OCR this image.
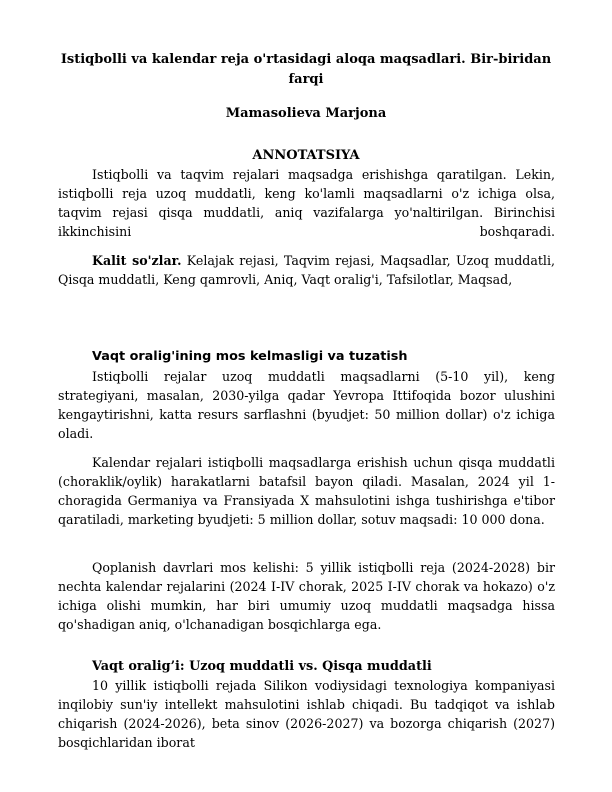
Istiqbolli va kalendar reja o'rtasidagi aloqa maqsadlari. Bir-biridan farqi
Mamasolieva Marjona
ANNOTATSIYA

Istiqbolli va taqvim rejalari maqsadga erishishga qaratilgan. Lekin, istiqbolli reja uzoq muddatli, keng ko'lamli maqsadlarni o'z ichiga olsa, taqvim rejasi qisqa muddatli, aniq vazifalarga yo'naltirilgan. Birinchisi ikkinchisini boshqaradi.

Kalit so'zlar. Kelajak rejasi, Taqvim rejasi, Maqsadlar, Uzoq muddatli, Qisqa muddatli, Keng qamrovli, Aniq, Vaqt oralig'i, Tafsilotlar, Maqsad,

Vaqt oralig'ining mos kelmasligi va tuzatish

Istiqbolli rejalar uzoq muddatli maqsadlarni (5-10 yil), keng strategiyani, masalan, 2030-yilga qadar Yevropa Ittifoqida bozor ulushini kengaytirishni, katta resurs sarflashni (byudjet: 50 million dollar) o'z ichiga oladi.

Kalendar rejalari istiqbolli maqsadlarga erishish uchun qisqa muddatli (choraklik/oylik) harakatlarni batafsil bayon qiladi. Masalan, 2024 yil 1-choragida Germaniya va Fransiyada X mahsulotini ishga tushirishga e'tibor qaratiladi, marketing byudjeti: 5 million dollar, sotuv maqsadi: 10 000 dona.

Qoplanish davrlari mos kelishi: 5 yillik istiqbolli reja (2024-2028) bir nechta kalendar rejalarini (2024 I-IV chorak, 2025 I-IV chorak va hokazo) o'z ichiga olishi mumkin, har biri umumiy uzoq muddatli maqsadga hissa qo'shadigan aniq, o'lchanadigan bosqichlarga ega.

Vaqt oralig’i: Uzoq muddatli vs. Qisqa muddatli

10 yillik istiqbolli rejada Silikon vodiysidagi texnologiya kompaniyasi inqilobiy sun'iy intellekt mahsulotini ishlab chiqadi. Bu tadqiqot va ishlab chiqarish (2024-2026), beta sinov (2026-2027) va bozorga chiqarish (2027) bosqichlaridan iborat
